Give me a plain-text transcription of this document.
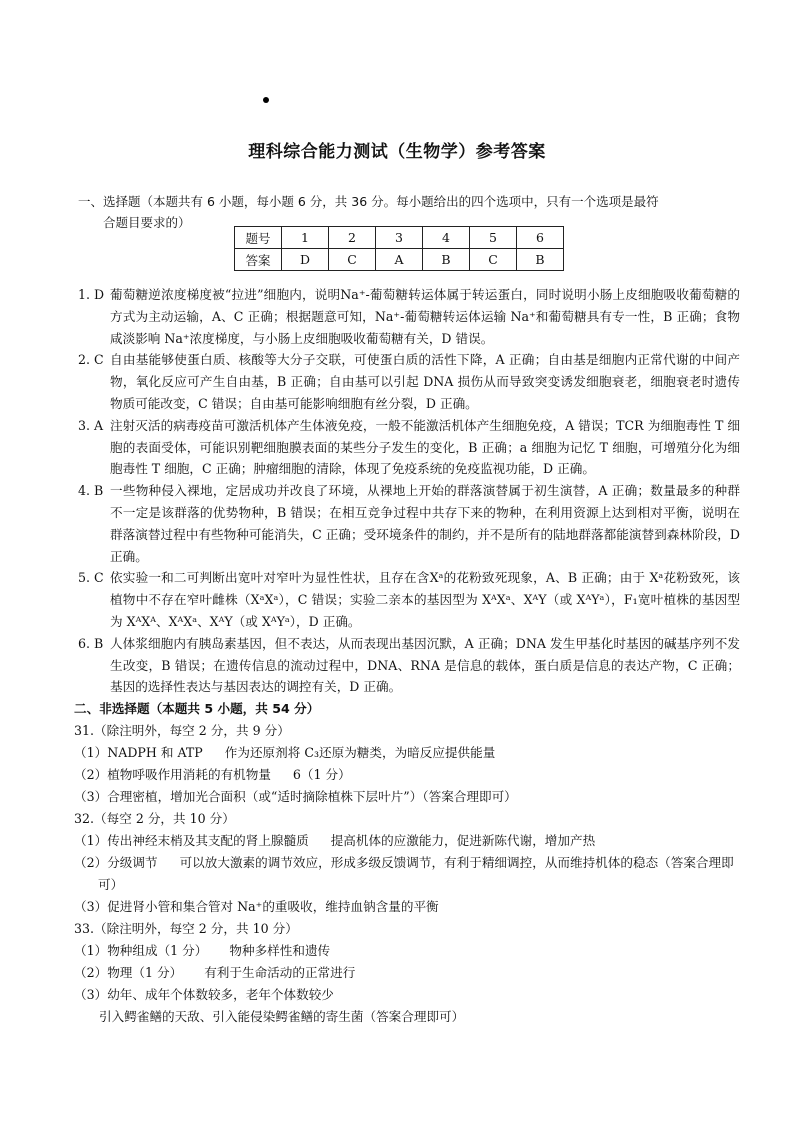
理科综合能力测试（生物学）参考答案
一、选择题（本题共有 6 小题，每小题 6 分，共 36 分。每小题给出的四个选项中，只有一个选项是最符
合题目要求的）
题号	1	2	3	4	5	6
答案	D	C	A	B	C	B
1. D 葡萄糖逆浓度梯度被“拉进”细胞内，说明Na⁺-葡萄糖转运体属于转运蛋白，同时说明小肠上皮细胞吸收葡萄糖的方式为主动运输，A、C 正确；根据题意可知，Na⁺-葡萄糖转运体运输 Na⁺和葡萄糖具有专一性，B 正确；食物咸淡影响 Na⁺浓度梯度，与小肠上皮细胞吸收葡萄糖有关，D 错误。
2. C 自由基能够使蛋白质、核酸等大分子交联，可使蛋白质的活性下降，A 正确；自由基是细胞内正常代谢的中间产物，氧化反应可产生自由基，B 正确；自由基可以引起 DNA 损伤从而导致突变诱发细胞衰老，细胞衰老时遗传物质可能改变，C 错误；自由基可能影响细胞有丝分裂，D 正确。
3. A 注射灭活的病毒疫苗可激活机体产生体液免疫，一般不能激活机体产生细胞免疫，A 错误；TCR 为细胞毒性 T 细胞的表面受体，可能识别靶细胞膜表面的某些分子发生的变化，B 正确；a 细胞为记忆 T 细胞，可增殖分化为细胞毒性 T 细胞，C 正确；肿瘤细胞的清除，体现了免疫系统的免疫监视功能，D 正确。
4. B 一些物种侵入裸地，定居成功并改良了环境，从裸地上开始的群落演替属于初生演替，A 正确；数量最多的种群不一定是该群落的优势物种，B 错误；在相互竞争过程中共存下来的物种，在利用资源上达到相对平衡，说明在群落演替过程中有些物种可能消失，C 正确；受环境条件的制约，并不是所有的陆地群落都能演替到森林阶段，D 正确。
5. C 依实验一和二可判断出宽叶对窄叶为显性性状，且存在含Xᵃ的花粉致死现象，A、B 正确；由于 Xᵃ花粉致死，该植物中不存在窄叶雌株（XᵃXᵃ），C 错误；实验二亲本的基因型为 XᴬXᵃ、XᴬY（或 XᴬYᵃ），F₁宽叶植株的基因型为 XᴬXᴬ、XᴬXᵃ、XᴬY（或 XᴬYᵃ），D 正确。
6. B 人体浆细胞内有胰岛素基因，但不表达，从而表现出基因沉默，A 正确；DNA 发生甲基化时基因的碱基序列不发生改变，B 错误；在遗传信息的流动过程中，DNA、RNA 是信息的载体，蛋白质是信息的表达产物，C 正确；基因的选择性表达与基因表达的调控有关，D 正确。
二、非选择题（本题共 5 小题，共 54 分）
31.（除注明外，每空 2 分，共 9 分）
（1）NADPH 和 ATP 作为还原剂将 C₃还原为糖类，为暗反应提供能量
（2）植物呼吸作用消耗的有机物量 6（1 分）
（3）合理密植，增加光合面积（或“适时摘除植株下层叶片”）（答案合理即可）
32.（每空 2 分，共 10 分）
（1）传出神经末梢及其支配的肾上腺髓质 提高机体的应激能力，促进新陈代谢，增加产热
（2）分级调节 可以放大激素的调节效应，形成多级反馈调节，有利于精细调控，从而维持机体的稳态（答案合理即可）
（3）促进肾小管和集合管对 Na⁺的重吸收，维持血钠含量的平衡
33.（除注明外，每空 2 分，共 10 分）
（1）物种组成（1 分） 物种多样性和遗传
（2）物理（1 分） 有利于生命活动的正常进行
（3）幼年、成年个体数较多，老年个体数较少
引入鳄雀鳝的天敌、引入能侵染鳄雀鳝的寄生菌（答案合理即可）
